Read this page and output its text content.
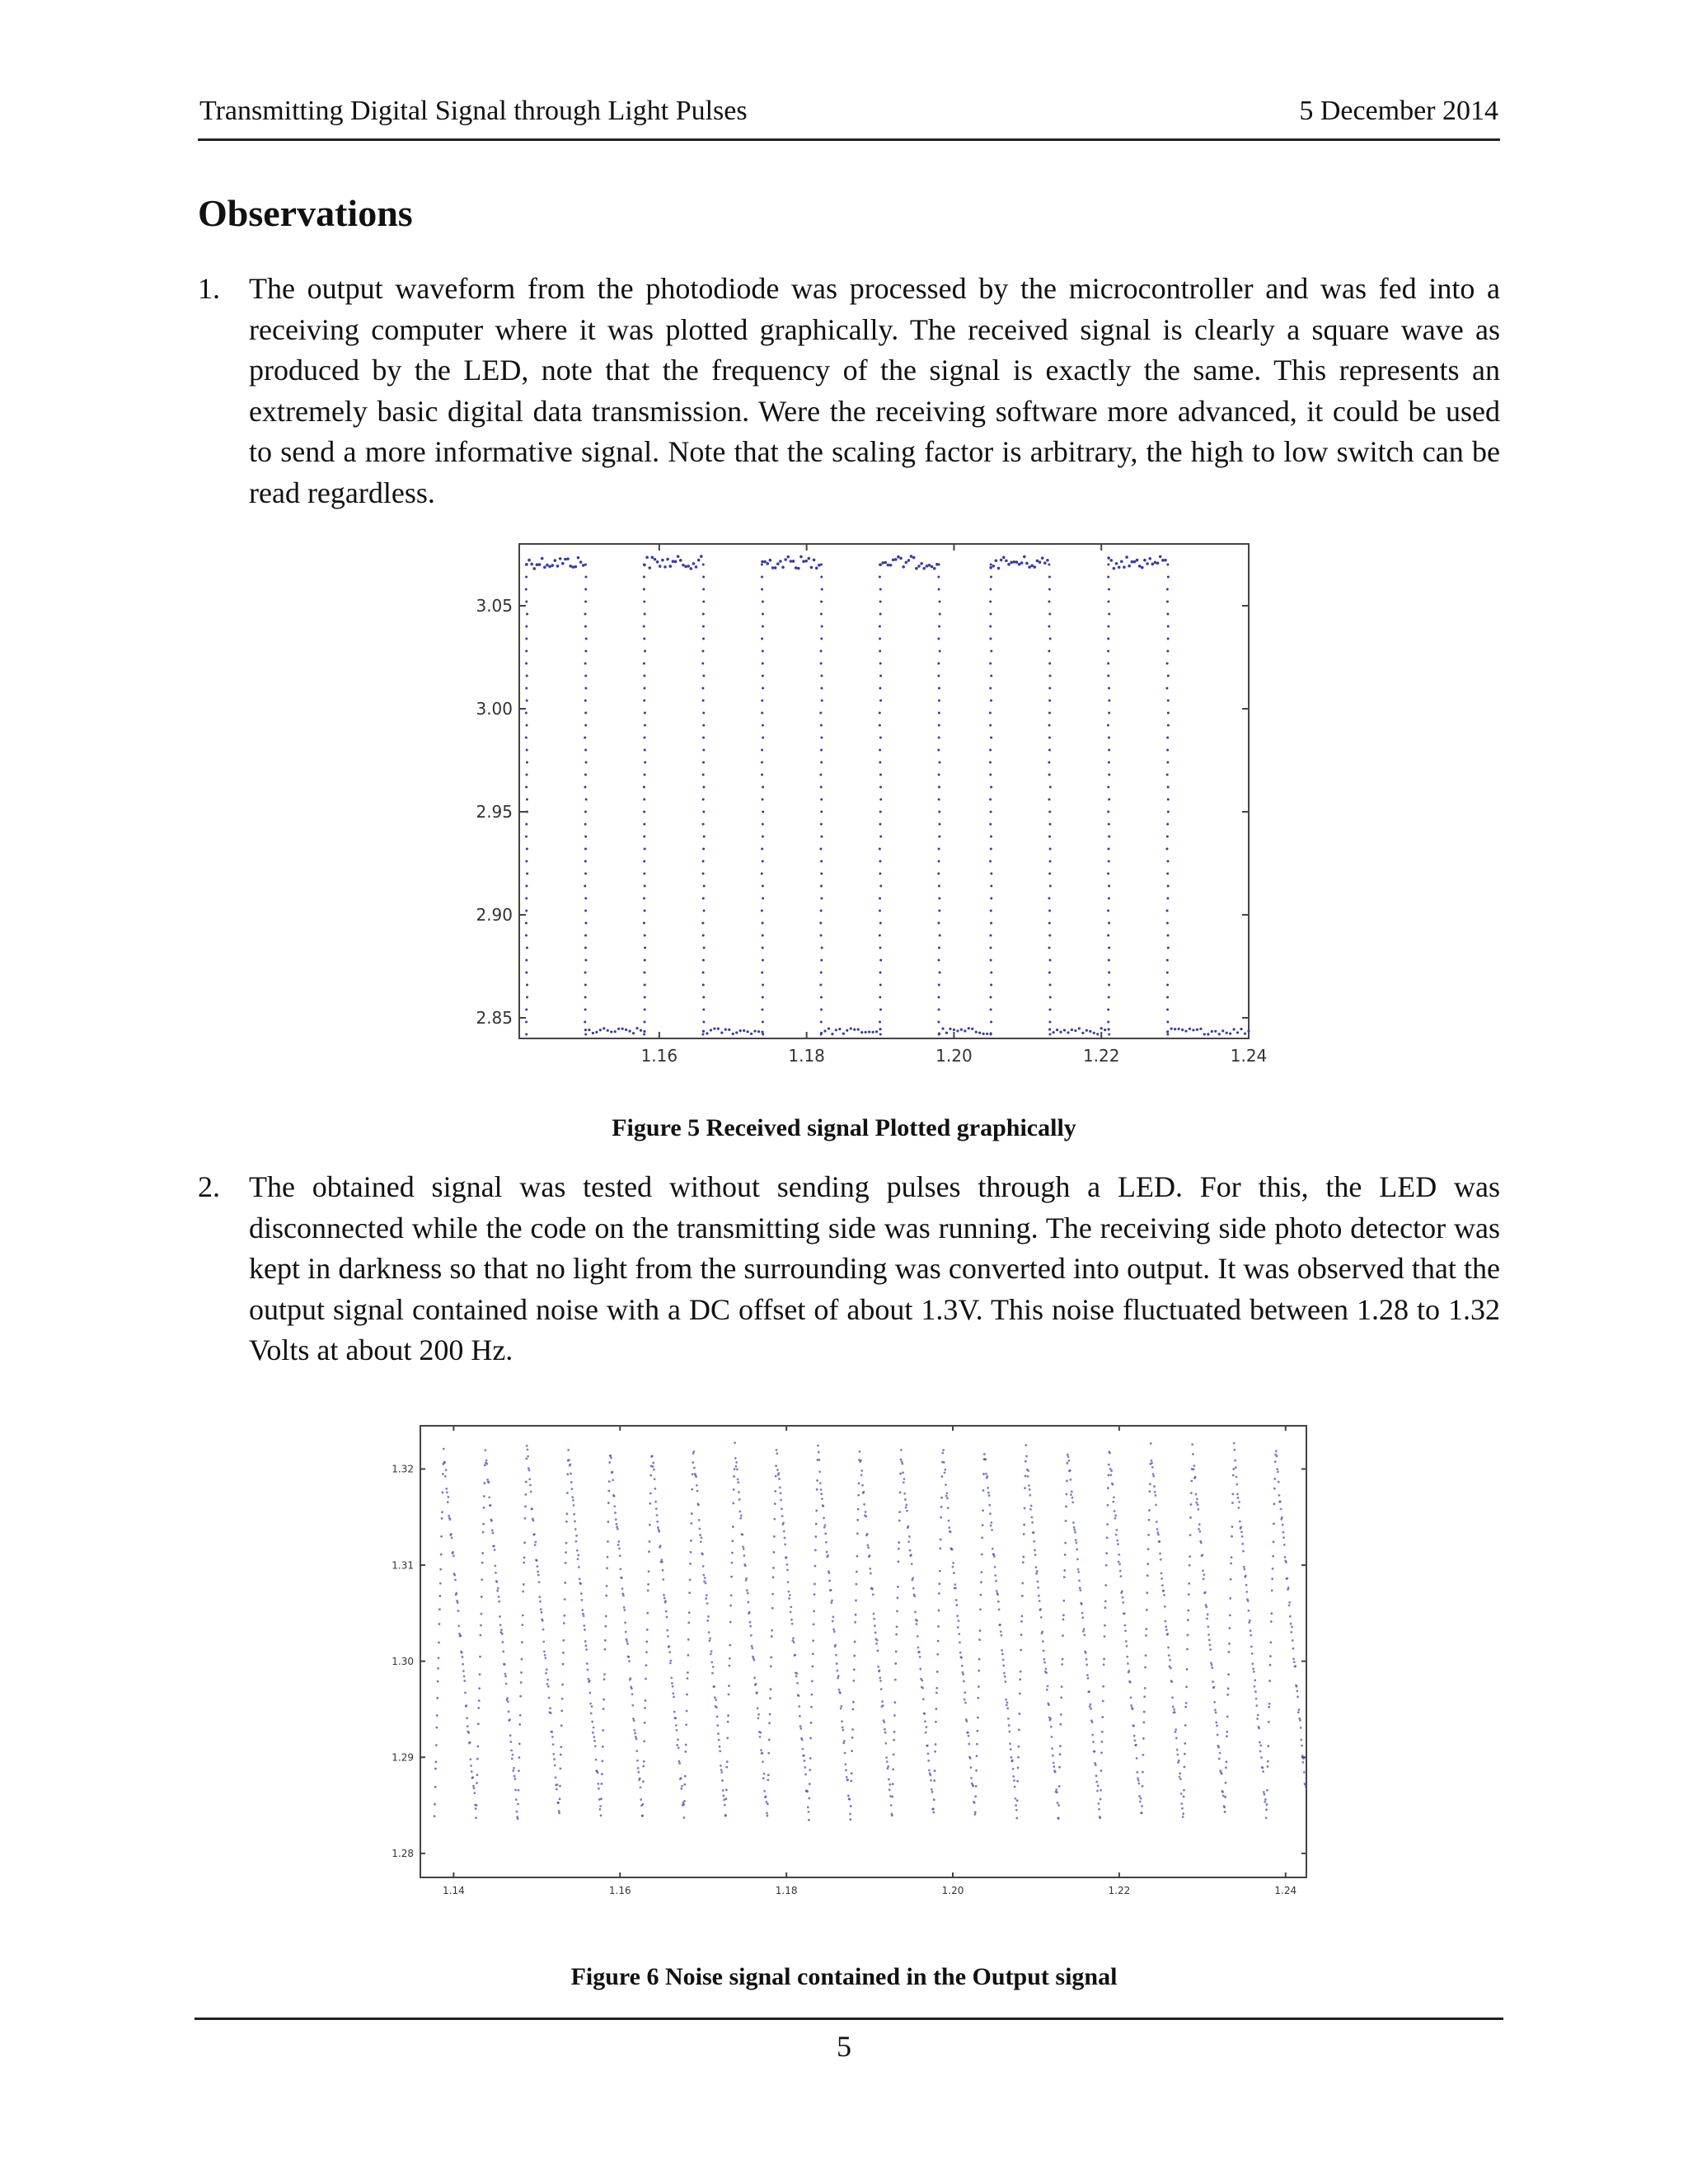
Transmitting Digital Signal through Light Pulses	5 December 2014
Observations
1. The output waveform from the photodiode was processed by the microcontroller and was fed into a receiving computer where it was plotted graphically. The received signal is clearly a square wave as produced by the LED, note that the frequency of the signal is exactly the same. This represents an extremely basic digital data transmission. Were the receiving software more advanced, it could be used to send a more informative signal. Note that the scaling factor is arbitrary, the high to low switch can be read regardless.
1.16	1.18	1.20	1.22	1.24
2.85
2.90
2.95
3.00
3.05
Figure 5 Received signal Plotted graphically
2. The obtained signal was tested without sending pulses through a LED. For this, the LED was disconnected while the code on the transmitting side was running. The receiving side photo detector was kept in darkness so that no light from the surrounding was converted into output. It was observed that the output signal contained noise with a DC offset of about 1.3V. This noise fluctuated between 1.28 to 1.32 Volts at about 200 Hz.
1.14	1.16	1.18	1.20	1.22	1.24
1.28
1.29
1.30
1.31
1.32
Figure 6 Noise signal contained in the Output signal
5
